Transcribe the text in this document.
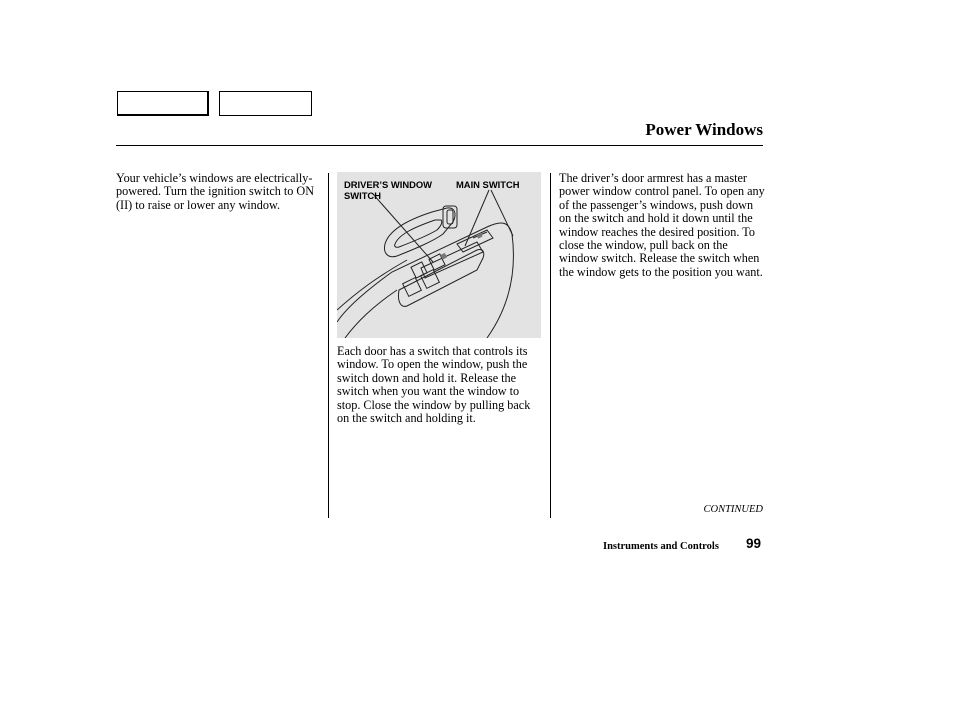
Power Windows

Your vehicle’s windows are electrically-powered. Turn the ignition switch to ON (II) to raise or lower any window.

DRIVER’S WINDOW
SWITCH

MAIN SWITCH

Each door has a switch that controls its window. To open the window, push the switch down and hold it. Release the switch when you want the window to stop. Close the window by pulling back on the switch and holding it.

The driver’s door armrest has a master power window control panel. To open any of the passenger’s windows, push down on the switch and hold it down until the window reaches the desired position. To close the window, pull back on the window switch. Release the switch when the window gets to the position you want.

CONTINUED
Instruments and Controls 99
